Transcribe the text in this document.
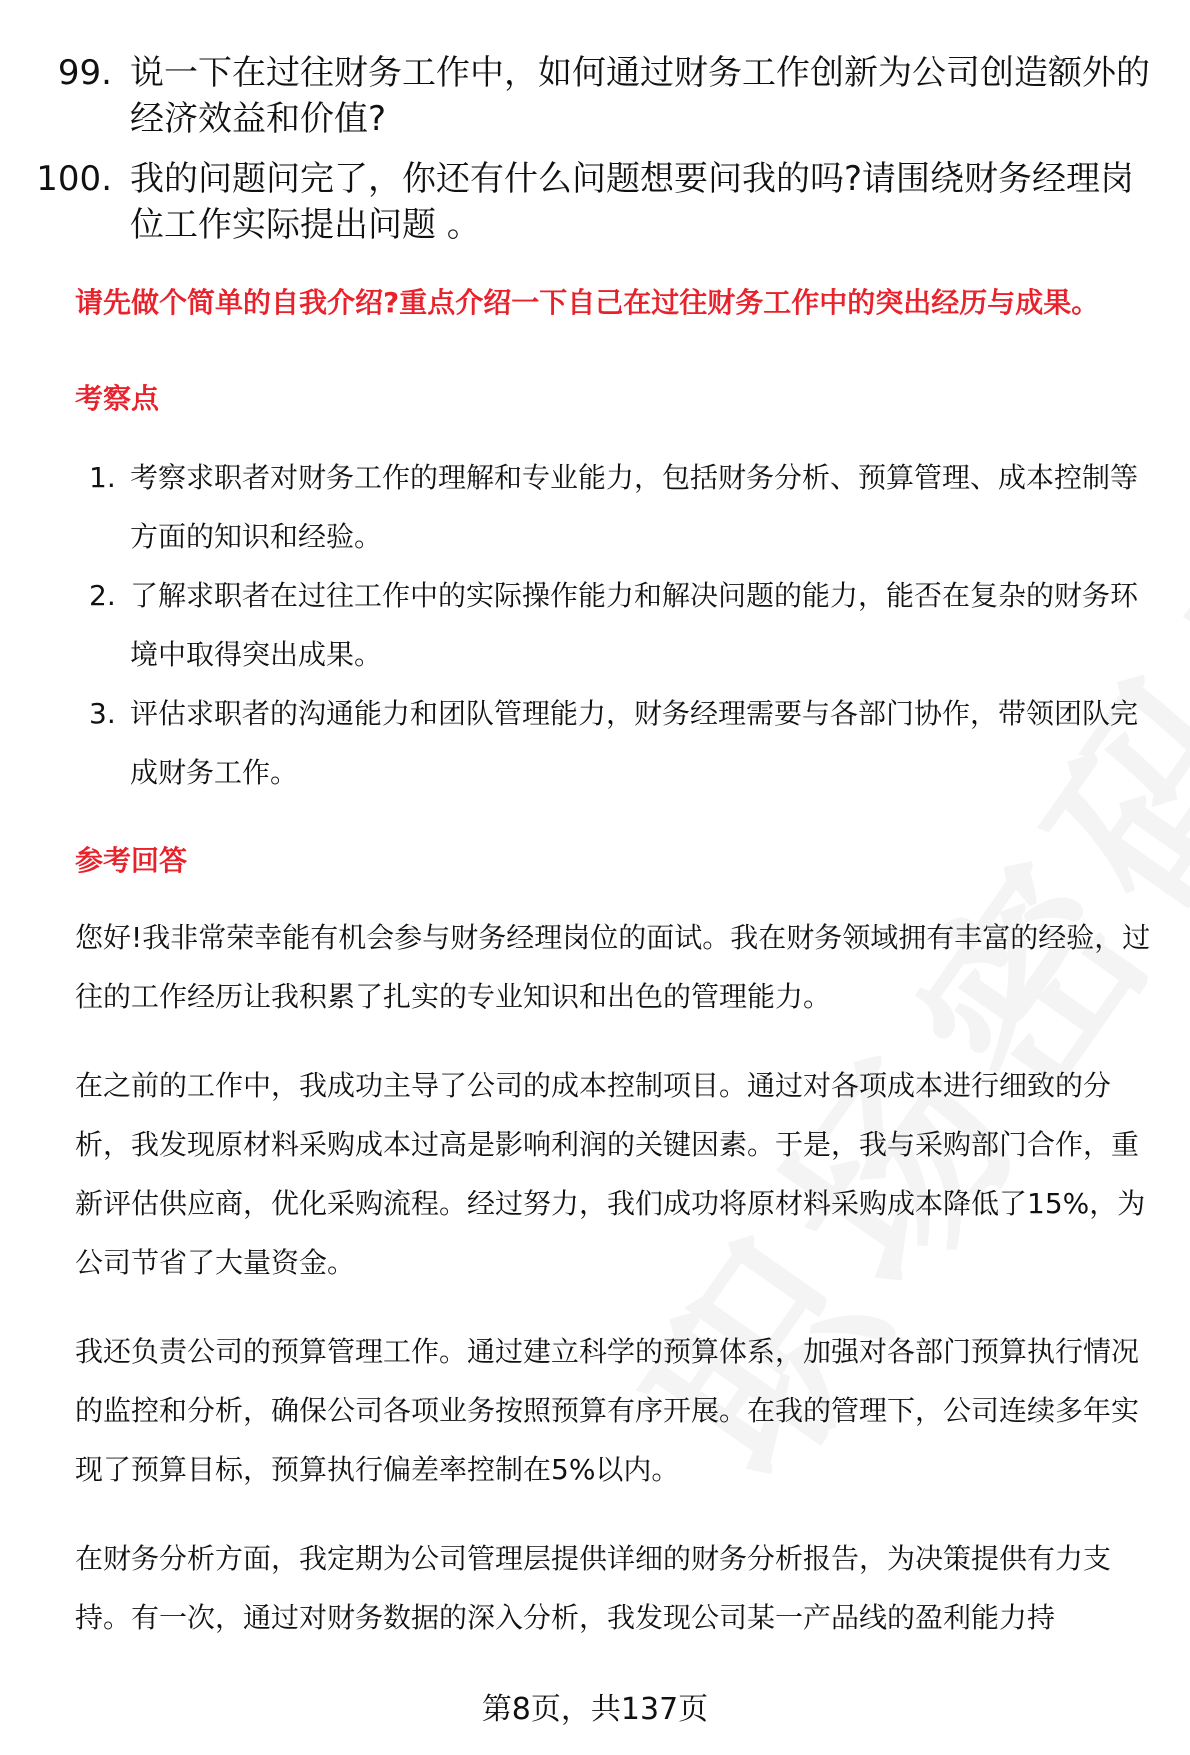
99. 说一下在过往财务工作中，如何通过财务工作创新为公司创造额外的经济效益和价值?
100. 我的问题问完了，你还有什么问题想要问我的吗?请围绕财务经理岗位工作实际提出问题 。
请先做个简单的自我介绍?重点介绍一下自己在过往财务工作中的突出经历与成果。
考察点
1. 考察求职者对财务工作的理解和专业能力，包括财务分析、预算管理、成本控制等方面的知识和经验。
2. 了解求职者在过往工作中的实际操作能力和解决问题的能力，能否在复杂的财务环境中取得突出成果。
3. 评估求职者的沟通能力和团队管理能力，财务经理需要与各部门协作，带领团队完成财务工作。
参考回答

您好!我非常荣幸能有机会参与财务经理岗位的面试。我在财务领域拥有丰富的经验，过往的工作经历让我积累了扎实的专业知识和出色的管理能力。

在之前的工作中，我成功主导了公司的成本控制项目。通过对各项成本进行细致的分析，我发现原材料采购成本过高是影响利润的关键因素。于是，我与采购部门合作，重新评估供应商，优化采购流程。经过努力，我们成功将原材料采购成本降低了15%，为公司节省了大量资金。

我还负责公司的预算管理工作。通过建立科学的预算体系，加强对各部门预算执行情况的监控和分析，确保公司各项业务按照预算有序开展。在我的管理下，公司连续多年实现了预算目标，预算执行偏差率控制在5%以内。

在财务分析方面，我定期为公司管理层提供详细的财务分析报告，为决策提供有力支持。有一次，通过对财务数据的深入分析，我发现公司某一产品线的盈利能力持

第8页，共137页
